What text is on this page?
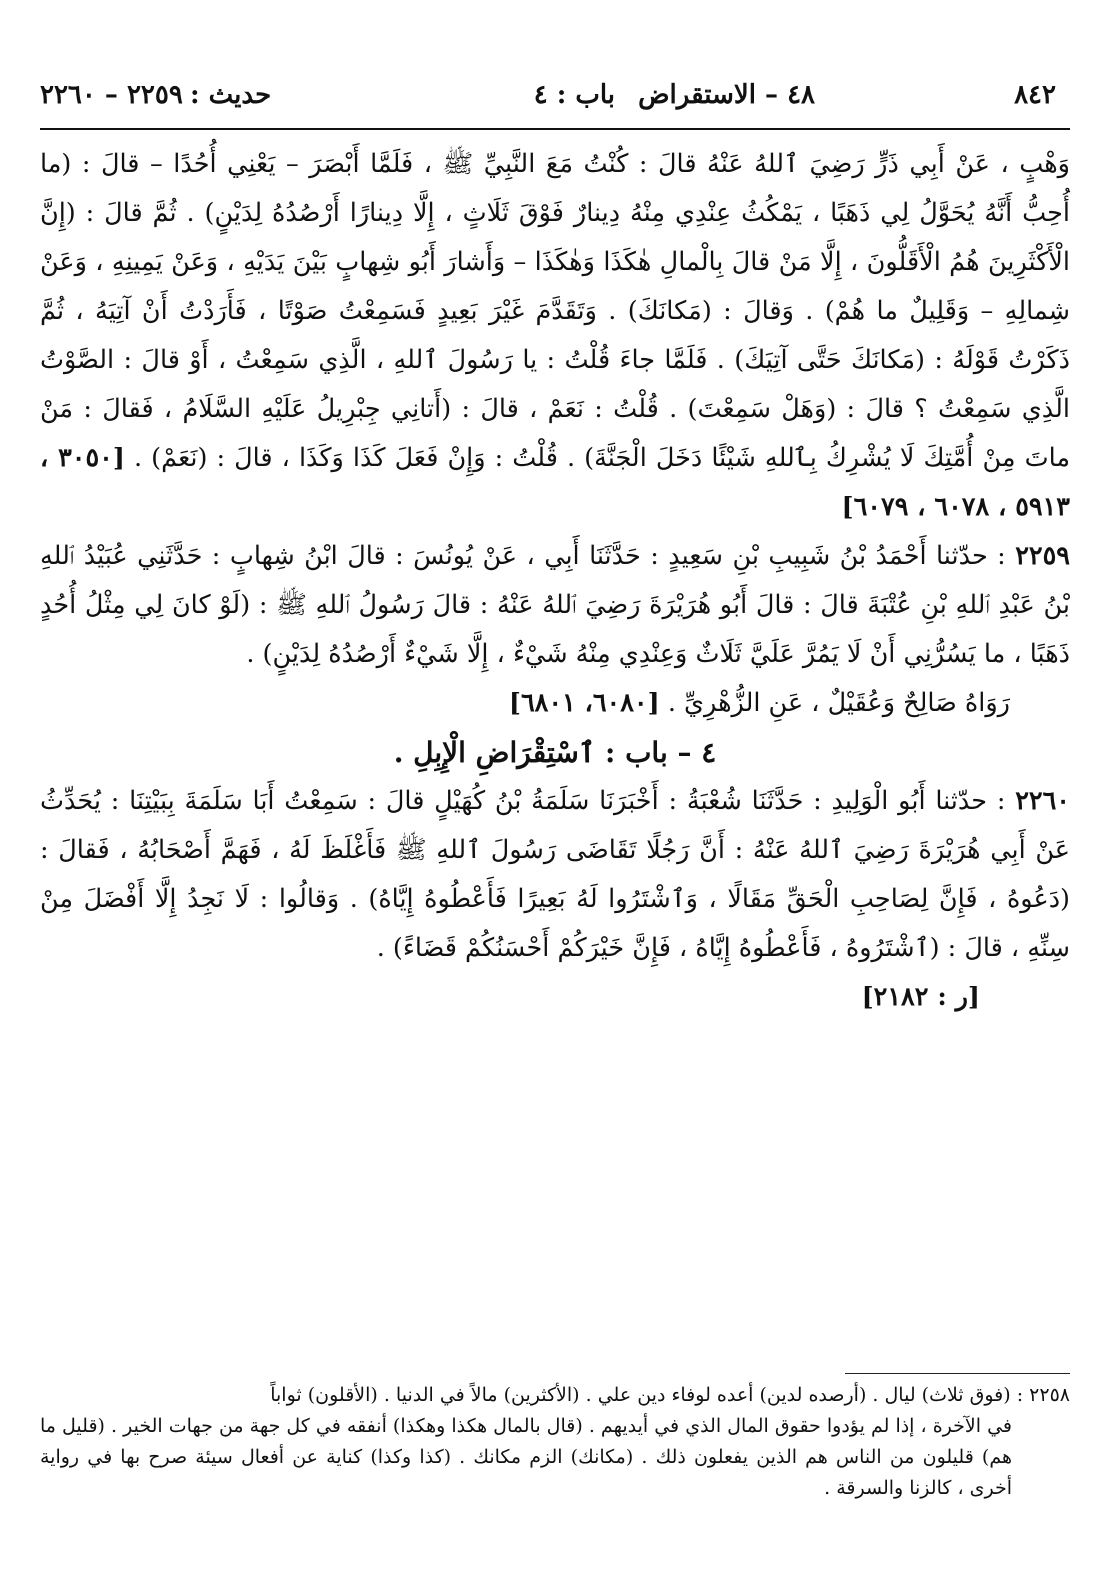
٨٤٢
٤٨ – الاستقراض
باب : ٤
حديث :
٢٢٥٩ – ٢٢٦٠

وَهْبٍ ، عَنْ أَبِي ذَرٍّ رَضِيَ ٱللهُ عَنْهُ قالَ : كُنْتُ مَعَ النَّبِيِّ ﷺ ، فَلَمَّا أَبْصَرَ – يَعْنِي أُحُدًا – قالَ : (ما أُحِبُّ أَنَّهُ يُحَوَّلُ لِي ذَهَبًا ، يَمْكُثُ عِنْدِي مِنْهُ دِينارٌ فَوْقَ ثَلَاثٍ ، إِلَّا دِينارًا أَرْصُدُهُ لِدَيْنٍ) . ثُمَّ قالَ : (إِنَّ الْأَكْثَرِينَ هُمُ الْأَقَلُّونَ ، إِلَّا مَنْ قالَ بِالْمالِ هٰكَذَا وَهٰكَذَا – وَأَشارَ أَبُو شِهابٍ بَيْنَ يَدَيْهِ ، وَعَنْ يَمِينِهِ ، وَعَنْ شِمالِهِ – وَقَلِيلٌ ما هُمْ) . وَقالَ : (مَكانَكَ) . وَتَقَدَّمَ غَيْرَ بَعِيدٍ فَسَمِعْتُ صَوْتًا ، فَأَرَدْتُ أَنْ آتِيَهُ ، ثُمَّ ذَكَرْتُ قَوْلَهُ : (مَكانَكَ حَتَّى آتِيَكَ) . فَلَمَّا جاءَ قُلْتُ : يا رَسُولَ ٱللهِ ، الَّذِي سَمِعْتُ ، أَوْ قالَ : الصَّوْتُ الَّذِي سَمِعْتُ ؟ قالَ : (وَهَلْ سَمِعْتَ) . قُلْتُ : نَعَمْ ، قالَ : (أَتانِي جِبْرِيلُ عَلَيْهِ السَّلَامُ ، فَقالَ : مَنْ ماتَ مِنْ أُمَّتِكَ لَا يُشْرِكُ بِٱللهِ شَيْئًا دَخَلَ الْجَنَّةَ) . قُلْتُ : وَإِنْ فَعَلَ كَذَا وَكَذَا ، قالَ : (نَعَمْ) . [٣٠٥٠ ، ٥٩١٣ ، ٦٠٧٨ ، ٦٠٧٩]

٢٢٥٩ : حدّثنا أَحْمَدُ بْنُ شَبِيبِ بْنِ سَعِيدٍ : حَدَّثَنَا أَبِي ، عَنْ يُونُسَ : قالَ ابْنُ شِهابٍ : حَدَّثَنِي عُبَيْدُ ٱللهِ بْنُ عَبْدِ ٱللهِ بْنِ عُتْبَةَ قالَ : قالَ أَبُو هُرَيْرَةَ رَضِيَ ٱللهُ عَنْهُ : قالَ رَسُولُ ٱللهِ ﷺ : (لَوْ كانَ لِي مِثْلُ أُحُدٍ ذَهَبًا ، ما يَسُرُّنِي أَنْ لَا يَمُرَّ عَلَيَّ ثَلَاثٌ وَعِنْدِي مِنْهُ شَيْءٌ ، إِلَّا شَيْءٌ أَرْصُدُهُ لِدَيْنٍ) .

رَوَاهُ صَالِحٌ وَعُقَيْلٌ ، عَنِ الزُّهْرِيِّ . [٦٠٨٠، ٦٨٠١]

٤ – باب : ٱسْتِقْرَاضِ الْإِبِلِ .

٢٢٦٠ : حدّثنا أَبُو الْوَلِيدِ : حَدَّثَنَا شُعْبَةُ : أَخْبَرَنَا سَلَمَةُ بْنُ كُهَيْلٍ قالَ : سَمِعْتُ أَبَا سَلَمَةَ بِبَيْتِنَا : يُحَدِّثُ عَنْ أَبِي هُرَيْرَةَ رَضِيَ ٱللهُ عَنْهُ : أَنَّ رَجُلًا تَقَاضَى رَسُولَ ٱللهِ ﷺ فَأَغْلَظَ لَهُ ، فَهَمَّ أَصْحَابُهُ ، فَقالَ : (دَعُوهُ ، فَإِنَّ لِصَاحِبِ الْحَقِّ مَقَالًا ، وَٱشْتَرُوا لَهُ بَعِيرًا فَأَعْطُوهُ إِيَّاهُ) . وَقالُوا : لَا نَجِدُ إِلَّا أَفْضَلَ مِنْ سِنِّهِ ، قالَ : (ٱشْتَرُوهُ ، فَأَعْطُوهُ إِيَّاهُ ، فَإِنَّ خَيْرَكُمْ أَحْسَنُكُمْ قَضَاءً) .

[ر : ٢١٨٢]

٢٢٥٨ : (فوق ثلاث) ليال . (أرصده لدين) أعده لوفاء دين علي . (الأكثرين) مالاً في الدنيا . (الأقلون) ثواباً
في الآخرة ، إذا لم يؤدوا حقوق المال الذي في أيديهم . (قال بالمال هكذا وهكذا) أنفقه في كل جهة من جهات الخير . (قليل ما هم) قليلون من الناس هم الذين يفعلون ذلك . (مكانك) الزم مكانك . (كذا وكذا) كناية عن أفعال سيئة صرح بها في رواية أخرى ، كالزنا والسرقة .
